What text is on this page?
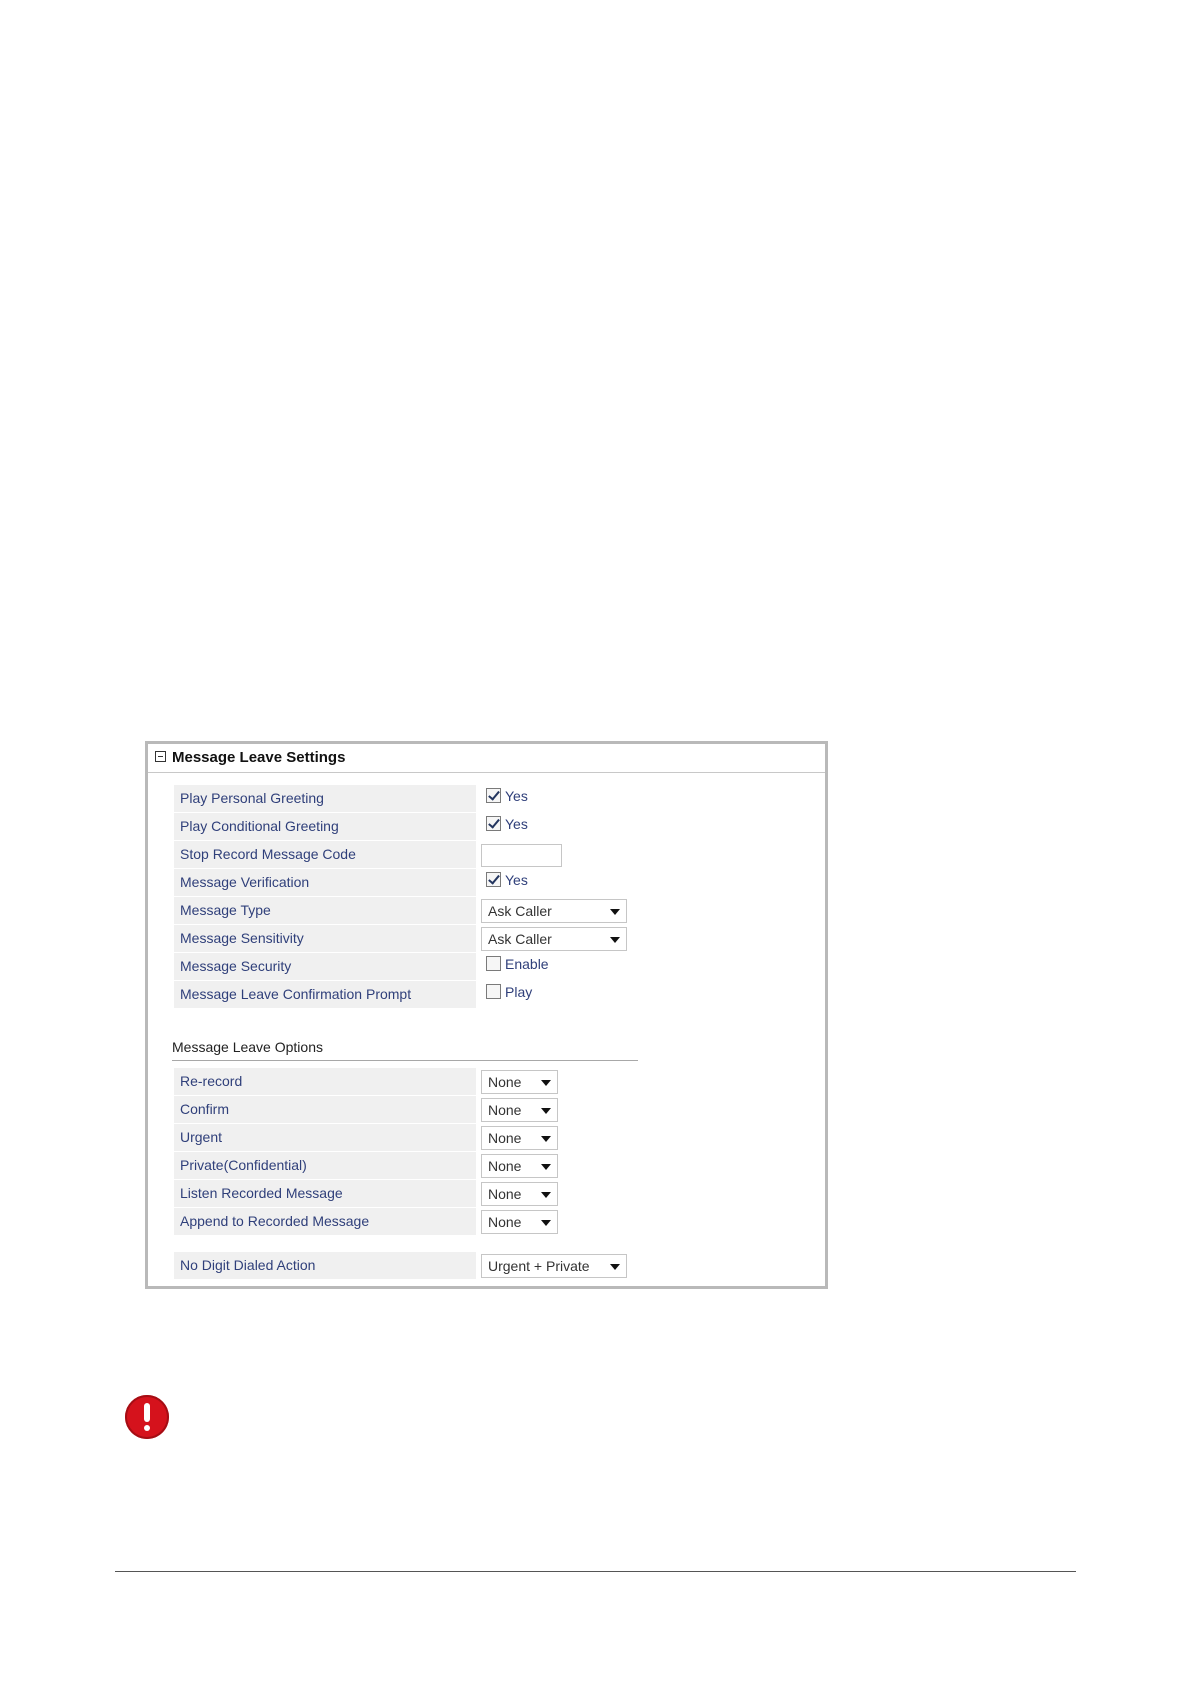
Message Leave Settings
Play Personal Greeting	Yes
Play Conditional Greeting	Yes
Stop Record Message Code
Message Verification	Yes
Message Type	Ask Caller
Message Sensitivity	Ask Caller
Message Security	Enable
Message Leave Confirmation Prompt	Play
Message Leave Options
Re-record	None
Confirm	None
Urgent	None
Private(Confidential)	None
Listen Recorded Message	None
Append to Recorded Message	None
No Digit Dialed Action	Urgent + Private
